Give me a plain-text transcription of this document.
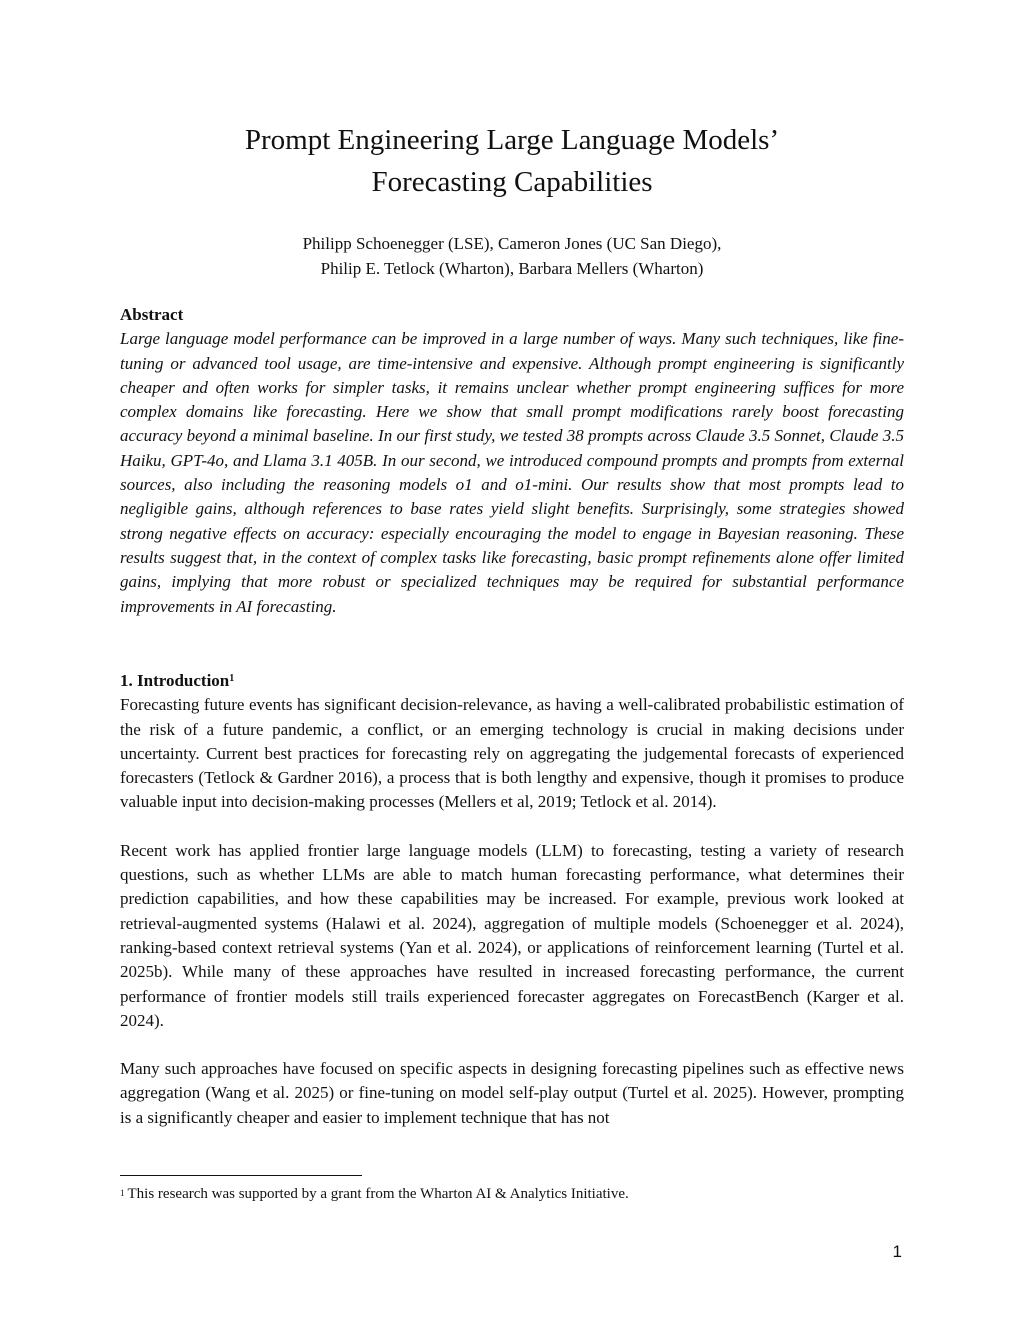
Prompt Engineering Large Language Models’
Forecasting Capabilities
Philipp Schoenegger (LSE), Cameron Jones (UC San Diego),
Philip E. Tetlock (Wharton), Barbara Mellers (Wharton)
Abstract
Large language model performance can be improved in a large number of ways. Many such techniques, like fine-tuning or advanced tool usage, are time-intensive and expensive. Although prompt engineering is significantly cheaper and often works for simpler tasks, it remains unclear whether prompt engineering suffices for more complex domains like forecasting. Here we show that small prompt modifications rarely boost forecasting accuracy beyond a minimal baseline. In our first study, we tested 38 prompts across Claude 3.5 Sonnet, Claude 3.5 Haiku, GPT-4o, and Llama 3.1 405B. In our second, we introduced compound prompts and prompts from external sources, also including the reasoning models o1 and o1-mini. Our results show that most prompts lead to negligible gains, although references to base rates yield slight benefits. Surprisingly, some strategies showed strong negative effects on accuracy: especially encouraging the model to engage in Bayesian reasoning. These results suggest that, in the context of complex tasks like forecasting, basic prompt refinements alone offer limited gains, implying that more robust or specialized techniques may be required for substantial performance improvements in AI forecasting.
1. Introduction$^1$

Forecasting future events has significant decision-relevance, as having a well-calibrated probabilistic estimation of the risk of a future pandemic, a conflict, or an emerging technology is crucial in making decisions under uncertainty. Current best practices for forecasting rely on aggregating the judgemental forecasts of experienced forecasters (Tetlock & Gardner 2016), a process that is both lengthy and expensive, though it promises to produce valuable input into decision-making processes (Mellers et al, 2019; Tetlock et al. 2014).

Recent work has applied frontier large language models (LLM) to forecasting, testing a variety of research questions, such as whether LLMs are able to match human forecasting performance, what determines their prediction capabilities, and how these capabilities may be increased. For example, previous work looked at retrieval-augmented systems (Halawi et al. 2024), aggregation of multiple models (Schoenegger et al. 2024), ranking-based context retrieval systems (Yan et al. 2024), or applications of reinforcement learning (Turtel et al. 2025b). While many of these approaches have resulted in increased forecasting performance, the current performance of frontier models still trails experienced forecaster aggregates on ForecastBench (Karger et al. 2024).

Many such approaches have focused on specific aspects in designing forecasting pipelines such as effective news aggregation (Wang et al. 2025) or fine-tuning on model self-play output (Turtel et al. 2025). However, prompting is a significantly cheaper and easier to implement technique that has not

$^1$ This research was supported by a grant from the Wharton AI & Analytics Initiative.
1
